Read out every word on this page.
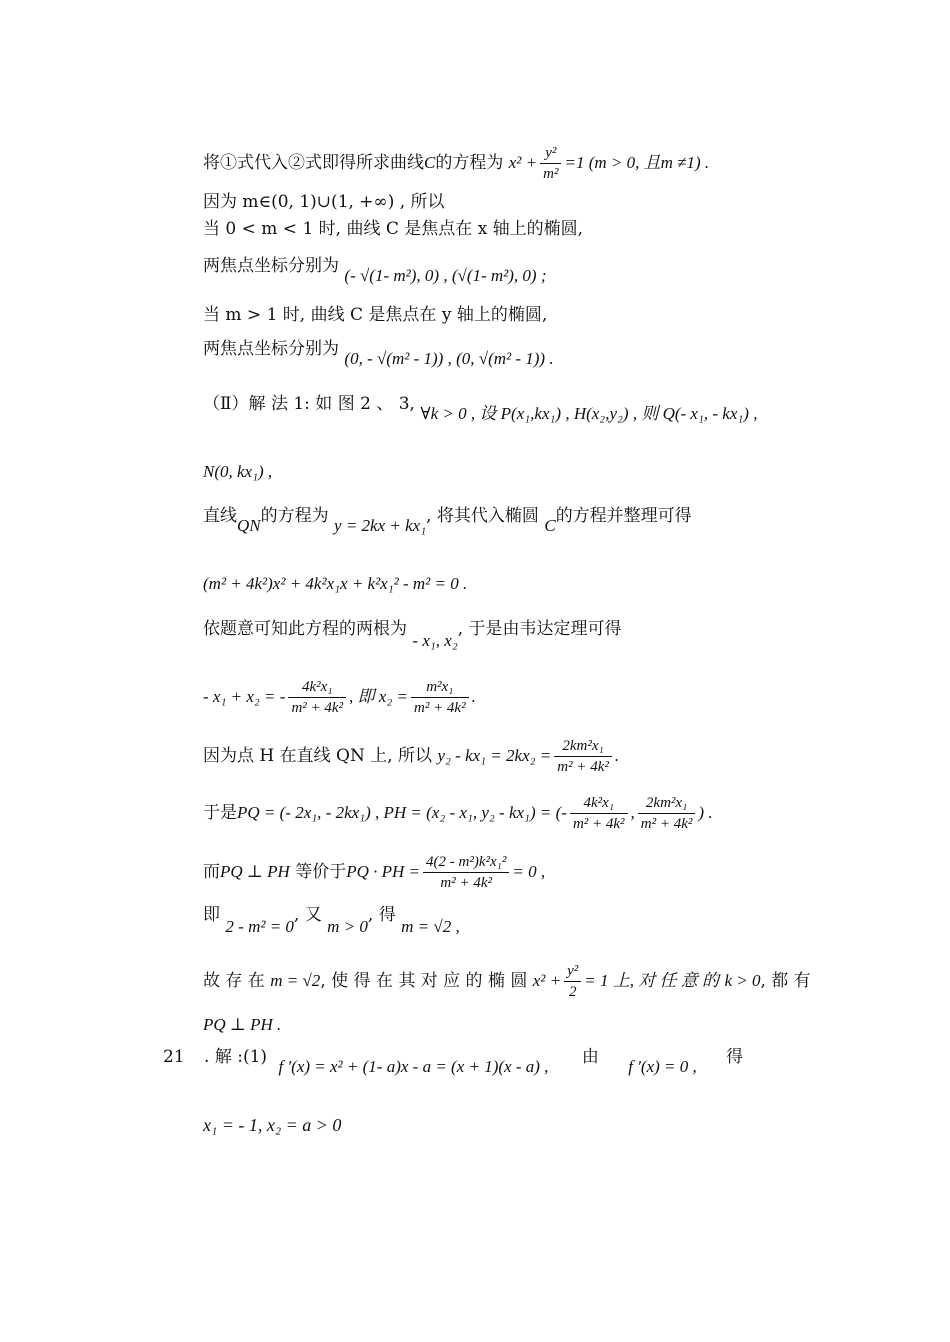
将①式代入②式即得所求曲线C的方程为 $x^2 + \frac{\text{y²}}{\text{m²}} =1$ (m > 0, 且m ≠1) .
因为 m∈(0, 1)∪(1, +∞) , 所以
当 0 < m < 1 时, 曲线 C 是焦点在 x 轴上的椭圆,
两焦点坐标分别为 (- √(1- m²), 0) , (√(1- m²), 0) ;
当 m > 1 时, 曲线 C 是焦点在 y 轴上的椭圆,
两焦点坐标分别为 (0, - √(m² - 1)) , (0, √(m² - 1)) .
（Ⅱ）解 法 1: 如 图 2 、 3, ∀k > 0 , 设 P(x₁,kx₁) , H(x₂,y₂) , 则 Q(- x₁, - kx₁) ,
N(0, kx₁) ,
直线QN的方程为 y = 2kx + kx₁, 将其代入椭圆 C的方程并整理可得
(m² + 4k²)x² + 4k²x₁x + k²x₁² - m² = 0 .
依题意可知此方程的两根为 - x₁, x₂, 于是由韦达定理可得
- x₁ + x₂ = - $\frac{\text{4k²x₁}}{\text{m² + 4k²}}$ , 即 $x_2 = \frac{\text{m²x₁}}{\text{m² + 4k²}}$ .
因为点 H 在直线 QN 上, 所以 $y_2 - kx_1 = 2kx_2 = \frac{\text{2km²x₁}}{\text{m² + 4k²}}$ .
于是PQ = (- 2x₁, - 2kx₁) , PH = (x₂ - x₁, y₂ - kx₁) = (- $\frac{\text{4k²x₁}}{\text{m² + 4k²}}$ , $\frac{\text{2km²x₁}}{\text{m² + 4k²}}$ ) .
而PQ ⊥ PH 等价于PQ · PH = $\frac{\text{4(2 - m²)k²x₁²}}{\text{m² + 4k²}} = 0$ ,
即 2 - m² = 0, 又 m > 0, 得 m = √2 ,
故 存 在 m = √2, 使 得 在 其 对 应 的 椭 圆 $x^2 + \frac{\text{y²}}{2} = 1$ 上, 对 任 意 的 k > 0, 都 有
PQ ⊥ PH .
21 . 解 :(1) f ′(x) = x² + (1- a)x - a = (x + 1)(x - a) , 由 f ′(x) = 0 , 得
x₁ = - 1, x₂ = a > 0
